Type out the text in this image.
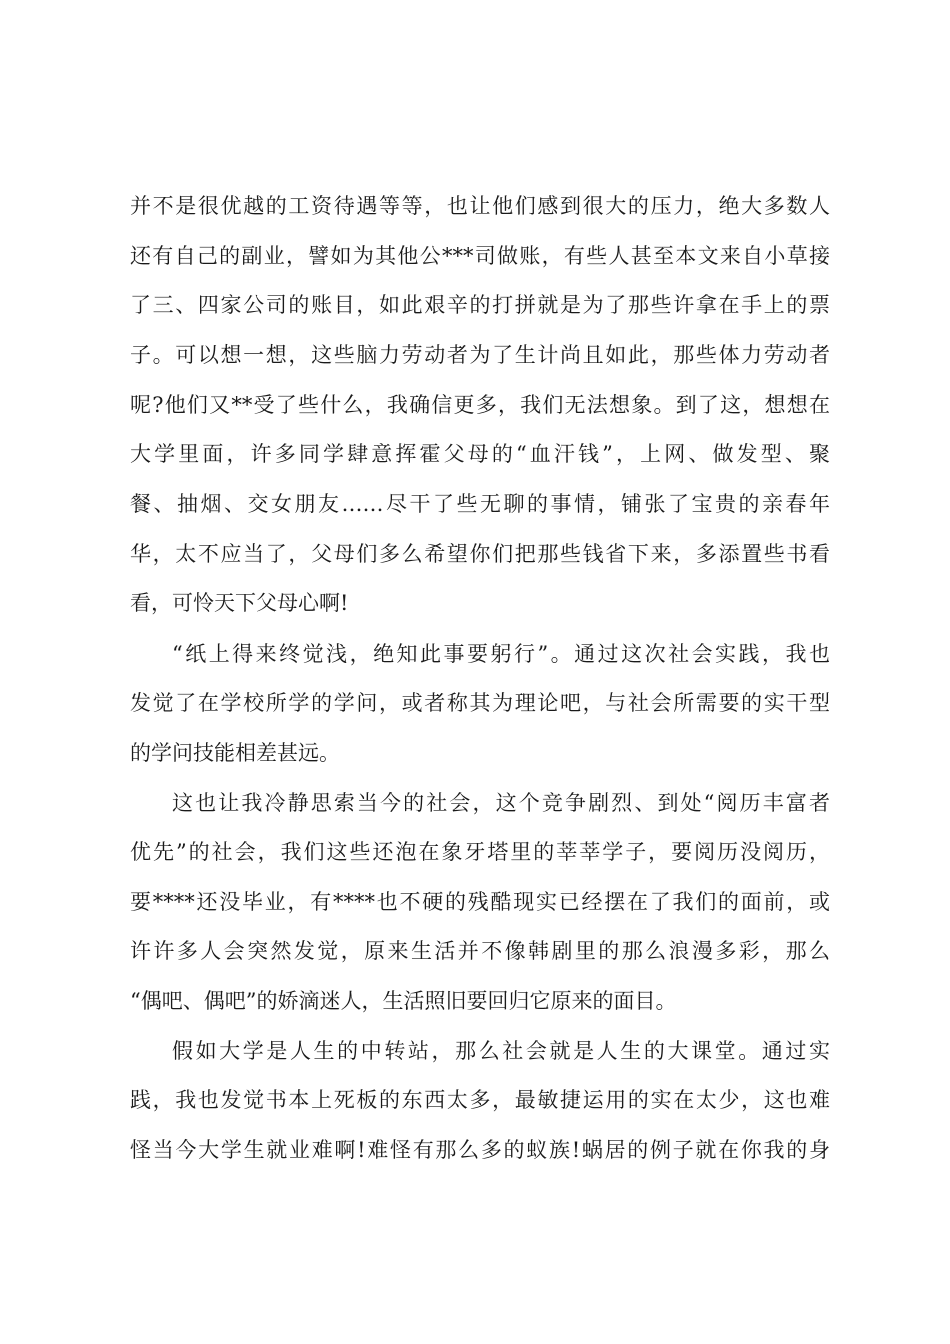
并不是很优越的工资待遇等等，也让他们感到很大的压力，绝大多数人
还有自己的副业，譬如为其他公***司做账，有些人甚至本文来自小草接
了三、四家公司的账目，如此艰辛的打拼就是为了那些许拿在手上的票
子。可以想一想，这些脑力劳动者为了生计尚且如此，那些体力劳动者
呢?他们又**受了些什么，我确信更多，我们无法想象。到了这，想想在
大学里面，许多同学肆意挥霍父母的“血汗钱”，上网、做发型、聚
餐、抽烟、交女朋友……尽干了些无聊的事情，铺张了宝贵的亲春年
华，太不应当了，父母们多么希望你们把那些钱省下来，多添置些书看
看，可怜天下父母心啊!
“纸上得来终觉浅，绝知此事要躬行”。通过这次社会实践，我也
发觉了在学校所学的学问，或者称其为理论吧，与社会所需要的实干型
的学问技能相差甚远。
这也让我冷静思索当今的社会，这个竞争剧烈、到处“阅历丰富者
优先”的社会，我们这些还泡在象牙塔里的莘莘学子，要阅历没阅历，
要****还没毕业，有****也不硬的残酷现实已经摆在了我们的面前，或
许许多人会突然发觉，原来生活并不像韩剧里的那么浪漫多彩，那么
“偶吧、偶吧”的娇滴迷人，生活照旧要回归它原来的面目。
假如大学是人生的中转站，那么社会就是人生的大课堂。通过实
践，我也发觉书本上死板的东西太多，最敏捷运用的实在太少，这也难
怪当今大学生就业难啊!难怪有那么多的蚁族!蜗居的例子就在你我的身
